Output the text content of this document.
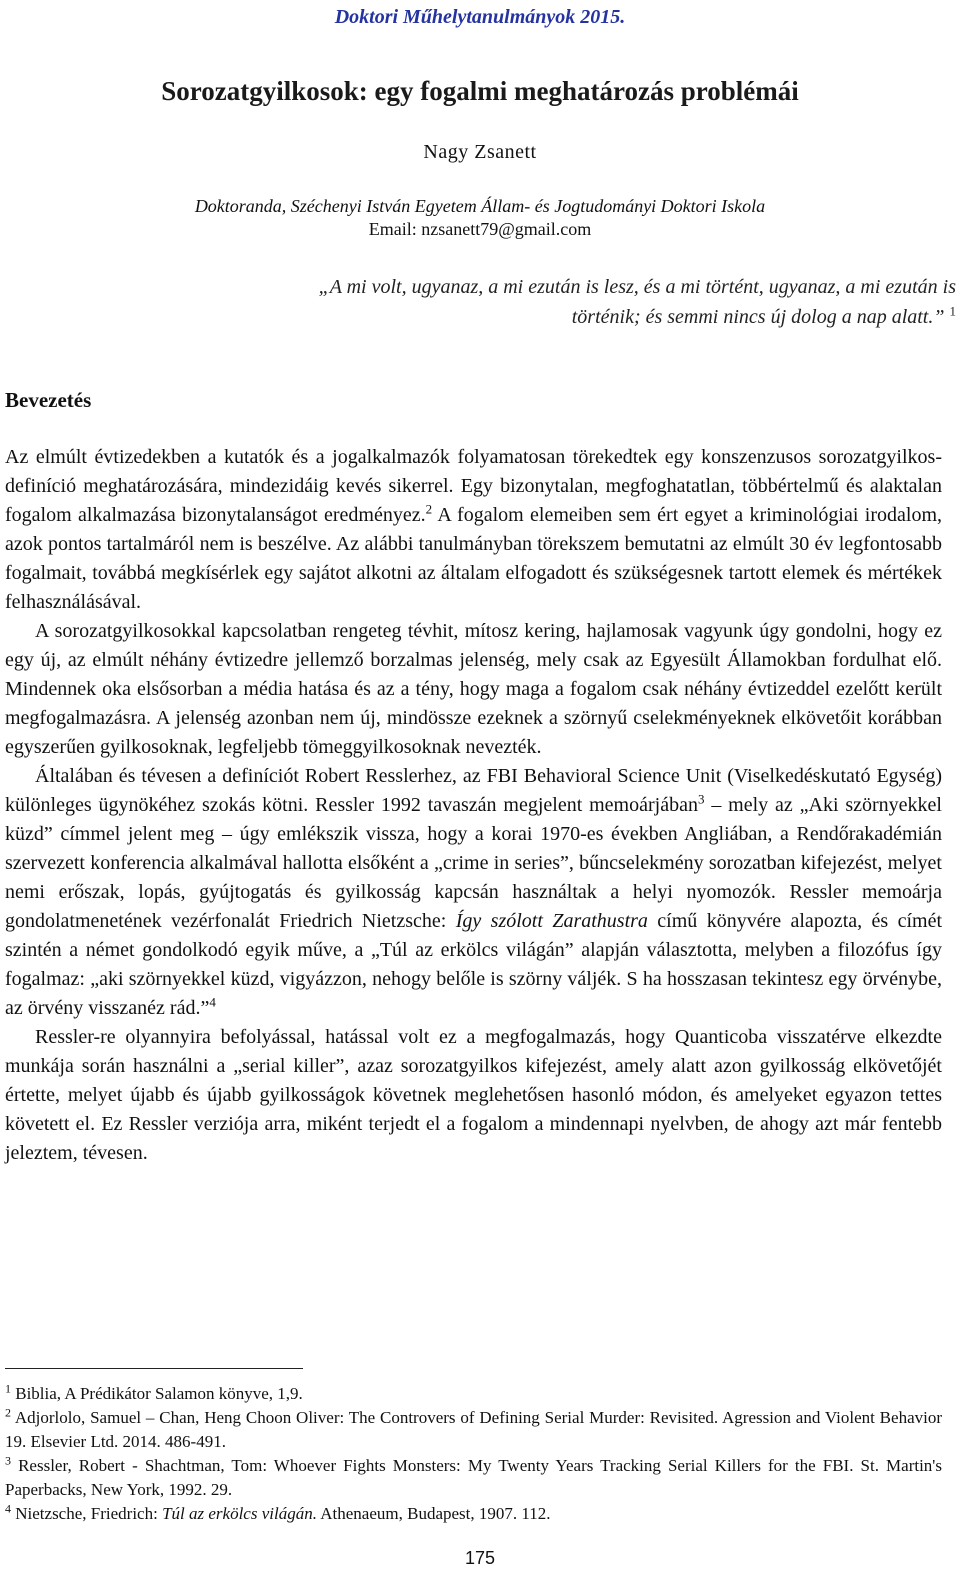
Doktori Műhelytanulmányok 2015.
Sorozatgyilkosok: egy fogalmi meghatározás problémái
Nagy Zsanett
Doktoranda, Széchenyi István Egyetem Állam- és Jogtudományi Doktori Iskola
Email: nzsanett79@gmail.com
„A mi volt, ugyanaz, a mi ezután is lesz, és a mi történt, ugyanaz, a mi ezután is
történik; és semmi nincs új dolog a nap alatt.” $^1$
Bevezetés

Az elmúlt évtizedekben a kutatók és a jogalkalmazók folyamatosan törekedtek egy konszenzusos sorozatgyilkos-definíció meghatározására, mindezidáig kevés sikerrel. Egy bizonytalan, megfoghatatlan, többértelmű és alaktalan fogalom alkalmazása bizonytalanságot eredményez.$^2$ A fogalom elemeiben sem ért egyet a kriminológiai irodalom, azok pontos tartalmáról nem is beszélve. Az alábbi tanulmányban törekszem bemutatni az elmúlt 30 év legfontosabb fogalmait, továbbá megkísérlek egy sajátot alkotni az általam elfogadott és szükségesnek tartott elemek és mértékek felhasználásával.

A sorozatgyilkosokkal kapcsolatban rengeteg tévhit, mítosz kering, hajlamosak vagyunk úgy gondolni, hogy ez egy új, az elmúlt néhány évtizedre jellemző borzalmas jelenség, mely csak az Egyesült Államokban fordulhat elő. Mindennek oka elsősorban a média hatása és az a tény, hogy maga a fogalom csak néhány évtizeddel ezelőtt került megfogalmazásra. A jelenség azonban nem új, mindössze ezeknek a szörnyű cselekményeknek elkövetőit korábban egyszerűen gyilkosoknak, legfeljebb tömeggyilkosoknak nevezték.

Általában és tévesen a definíciót Robert Resslerhez, az FBI Behavioral Science Unit (Viselkedéskutató Egység) különleges ügynökéhez szokás kötni. Ressler 1992 tavaszán megjelent memoárjában$^3$ – mely az „Aki szörnyekkel küzd” címmel jelent meg – úgy emlékszik vissza, hogy a korai 1970-es években Angliában, a Rendőrakadémián szervezett konferencia alkalmával hallotta elsőként a „crime in series”, bűncselekmény sorozatban kifejezést, melyet nemi erőszak, lopás, gyújtogatás és gyilkosság kapcsán használtak a helyi nyomozók. Ressler memoárja gondolatmenetének vezérfonalát Friedrich Nietzsche: Így szólott Zarathustra című könyvére alapozta, és címét szintén a német gondolkodó egyik műve, a „Túl az erkölcs világán” alapján választotta, melyben a filozófus így fogalmaz: „aki szörnyekkel küzd, vigyázzon, nehogy belőle is szörny váljék. S ha hosszasan tekintesz egy örvénybe, az örvény visszanéz rád.”$^4$

Ressler-re olyannyira befolyással, hatással volt ez a megfogalmazás, hogy Quanticoba visszatérve elkezdte munkája során használni a „serial killer”, azaz sorozatgyilkos kifejezést, amely alatt azon gyilkosság elkövetőjét értette, melyet újabb és újabb gyilkosságok követnek meglehetősen hasonló módon, és amelyeket egyazon tettes követett el. Ez Ressler verziója arra, miként terjedt el a fogalom a mindennapi nyelvben, de ahogy azt már fentebb jeleztem, tévesen.

$^1$ Biblia, A Prédikátor Salamon könyve, 1,9.
$^2$ Adjorlolo, Samuel – Chan, Heng Choon Oliver: The Controvers of Defining Serial Murder: Revisited. Agression and Violent Behavior 19. Elsevier Ltd. 2014. 486-491.
$^3$ Ressler, Robert - Shachtman, Tom: Whoever Fights Monsters: My Twenty Years Tracking Serial Killers for the FBI. St. Martin's Paperbacks, New York, 1992. 29.
$^4$ Nietzsche, Friedrich: Túl az erkölcs világán. Athenaeum, Budapest, 1907. 112.
175
